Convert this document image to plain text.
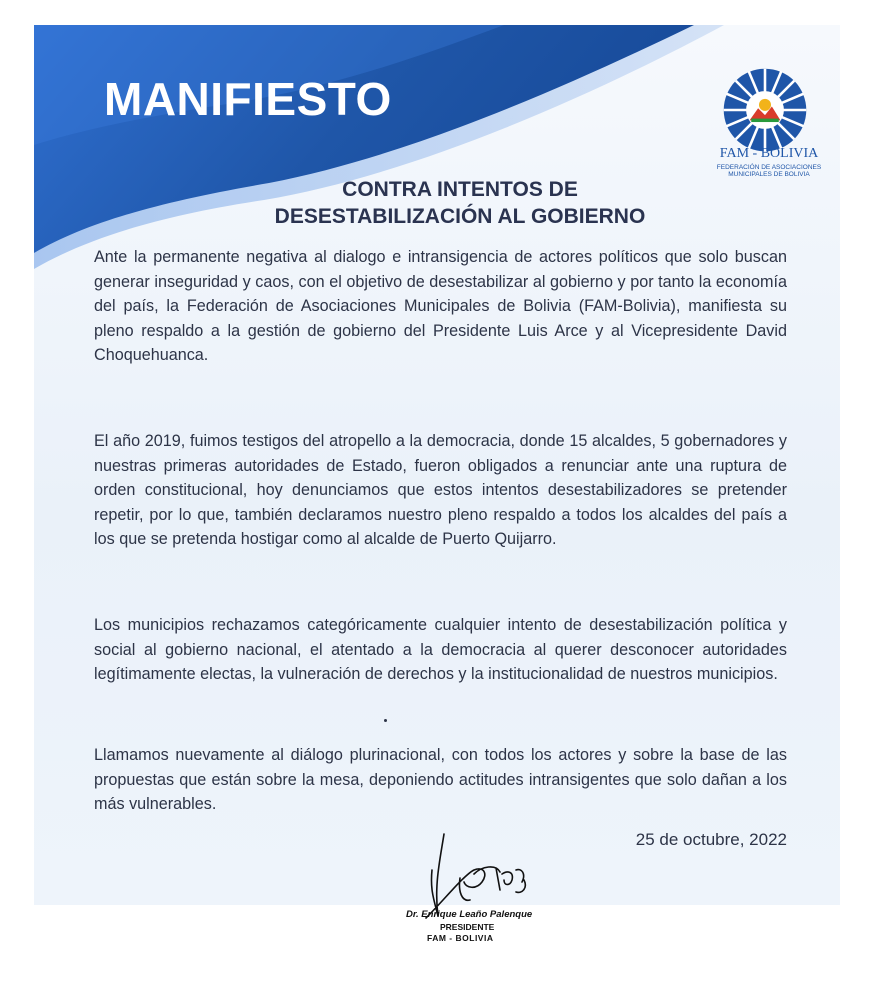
MANIFIESTO
FAM - BOLIVIA
FEDERACIÓN DE ASOCIACIONES
MUNICIPALES DE BOLIVIA
CONTRA INTENTOS DE
DESESTABILIZACIÓN AL GOBIERNO

Ante la permanente negativa al dialogo e intransigencia de actores políticos que solo buscan generar inseguridad y caos, con el objetivo de desestabilizar al gobierno y por tanto la economía del país, la Federación de Asociaciones Municipales de Bolivia (FAM-Bolivia), manifiesta su pleno respaldo a la gestión de gobierno del Presidente Luis Arce y al Vicepresidente David Choquehuanca.

El año 2019, fuimos testigos del atropello a la democracia, donde 15 alcaldes, 5 gobernadores y nuestras primeras autoridades de Estado, fueron obligados a renunciar ante una ruptura de orden constitucional, hoy denunciamos que estos intentos desestabilizadores se pretender repetir, por lo que, también declaramos nuestro pleno respaldo a todos los alcaldes del país a los que se pretenda hostigar como al alcalde de Puerto Quijarro.

Los municipios rechazamos categóricamente cualquier intento de desestabilización política y social al gobierno nacional, el atentado a la democracia al querer desconocer autoridades legítimamente electas, la vulneración de derechos y la institucionalidad de nuestros municipios.

Llamamos nuevamente al diálogo plurinacional, con todos los actores y sobre la base de las propuestas que están sobre la mesa, deponiendo actitudes intransigentes que solo dañan a los más vulnerables.

25 de octubre, 2022
Dr. Enrique Leaño Palenque
PRESIDENTE
FAM - BOLIVIA
